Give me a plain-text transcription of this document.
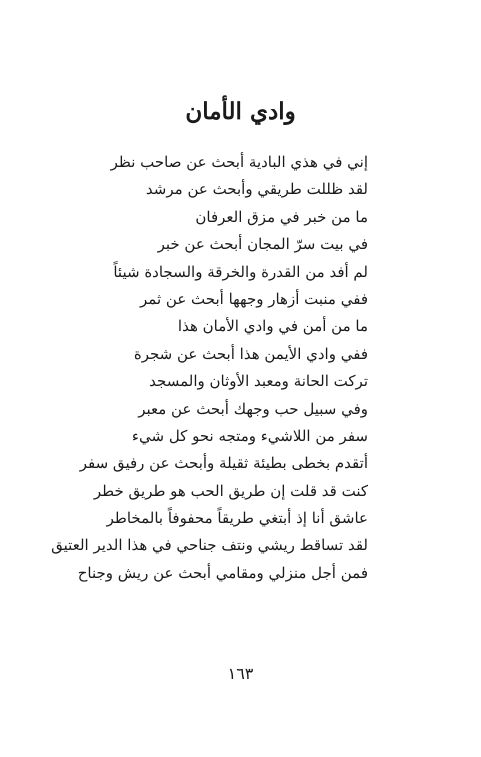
وادي الأمان
إني في هذي البادية أبحث عن صاحب نظر
لقد ظللت طريقي وأبحث عن مرشد
ما من خبر في مزق العرفان
في بيت سرّ المجان أبحث عن خبر
لم أفد من القدرة والخرقة والسجادة شيئاً
ففي منبت أزهار وجهها أبحث عن ثمر
ما من أمن في وادي الأمان هذا
ففي وادي الأيمن هذا أبحث عن شجرة
تركت الحانة ومعبد الأوثان والمسجد
وفي سبيل حب وجهك أبحث عن معبر
سفر من اللاشيء ومتجه نحو كل شيء
أتقدم بخطى بطيئة ثقيلة وأبحث عن رفيق سفر
كنت قد قلت إن طريق الحب هو طريق خطر
عاشق أنا إذ أبتغي طريقاً محفوفاً بالمخاطر
لقد تساقط ريشي ونتف جناحي في هذا الدير العتيق
فمن أجل منزلي ومقامي أبحث عن ريش وجناح
١٦٣
